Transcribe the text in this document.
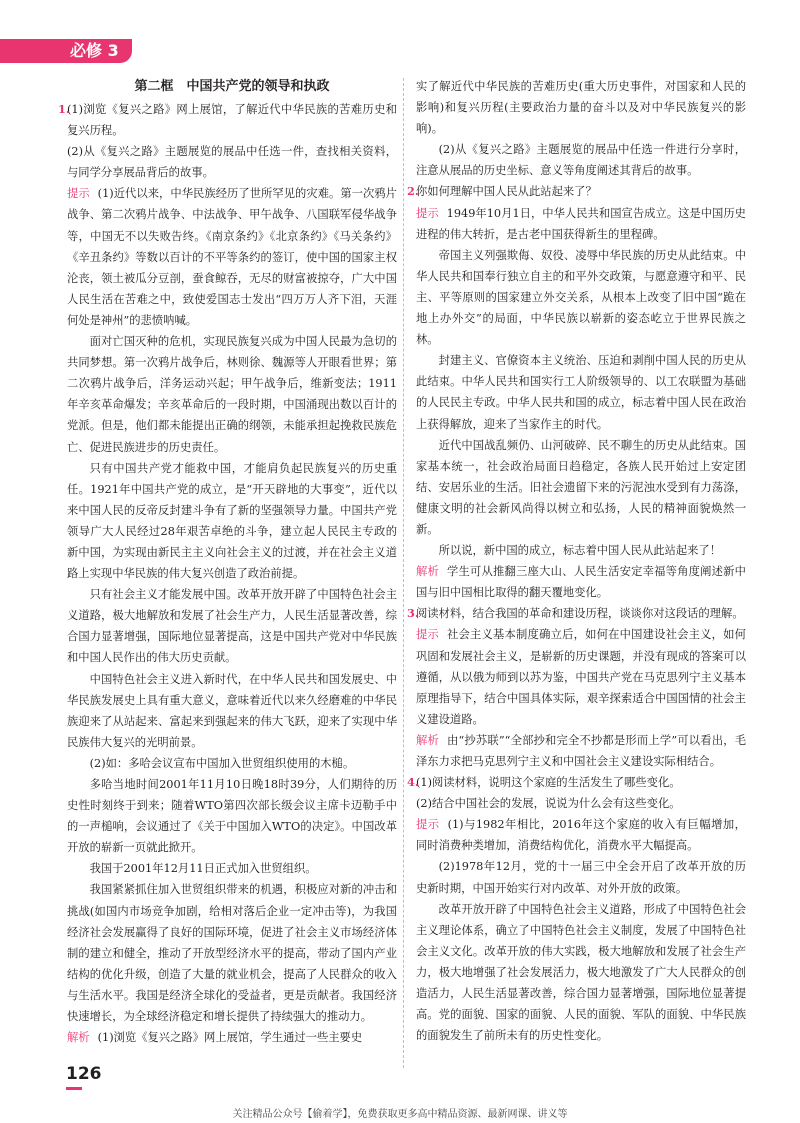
必修 3
第二框　中国共产党的领导和执政
1.

(1)浏览《复兴之路》网上展馆，了解近代中华民族的苦难历史和复兴历程。

(2)从《复兴之路》主题展览的展品中任选一件，查找相关资料，与同学分享展品背后的故事。

提示 (1)近代以来，中华民族经历了世所罕见的灾难。第一次鸦片战争、第二次鸦片战争、中法战争、甲午战争、八国联军侵华战争等，中国无不以失败告终。《南京条约》《北京条约》《马关条约》《辛丑条约》等数以百计的不平等条约的签订，使中国的国家主权沦丧，领土被瓜分豆剖，蚕食鲸吞，无尽的财富被掠夺，广大中国人民生活在苦难之中，致使爱国志士发出“四万万人齐下泪，天涯何处是神州”的悲愤呐喊。

面对亡国灭种的危机，实现民族复兴成为中国人民最为急切的共同梦想。第一次鸦片战争后，林则徐、魏源等人开眼看世界；第二次鸦片战争后，洋务运动兴起；甲午战争后，维新变法；1911年辛亥革命爆发；辛亥革命后的一段时期，中国涌现出数以百计的党派。但是，他们都未能提出正确的纲领，未能承担起挽救民族危亡、促进民族进步的历史责任。

只有中国共产党才能救中国，才能肩负起民族复兴的历史重任。1921年中国共产党的成立，是“开天辟地的大事变”，近代以来中国人民的反帝反封建斗争有了新的坚强领导力量。中国共产党领导广大人民经过28年艰苦卓绝的斗争，建立起人民民主专政的新中国，为实现由新民主主义向社会主义的过渡，并在社会主义道路上实现中华民族的伟大复兴创造了政治前提。

只有社会主义才能发展中国。改革开放开辟了中国特色社会主义道路，极大地解放和发展了社会生产力，人民生活显著改善，综合国力显著增强，国际地位显著提高，这是中国共产党对中华民族和中国人民作出的伟大历史贡献。

中国特色社会主义进入新时代，在中华人民共和国发展史、中华民族发展史上具有重大意义，意味着近代以来久经磨难的中华民族迎来了从站起来、富起来到强起来的伟大飞跃，迎来了实现中华民族伟大复兴的光明前景。

(2)如：多哈会议宣布中国加入世贸组织使用的木槌。

多哈当地时间2001年11月10日晚18时39分，人们期待的历史性时刻终于到来；随着WTO第四次部长级会议主席卡迈勒手中的一声槌响，会议通过了《关于中国加入WTO的决定》。中国改革开放的崭新一页就此掀开。

我国于2001年12月11日正式加入世贸组织。

我国紧紧抓住加入世贸组织带来的机遇，积极应对新的冲击和挑战(如国内市场竞争加剧，给相对落后企业一定冲击等)，为我国经济社会发展赢得了良好的国际环境，促进了社会主义市场经济体制的建立和健全，推动了开放型经济水平的提高，带动了国内产业结构的优化升级，创造了大量的就业机会，提高了人民群众的收入与生活水平。我国是经济全球化的受益者，更是贡献者。我国经济快速增长，为全球经济稳定和增长提供了持续强大的推动力。

解析 (1)浏览《复兴之路》网上展馆，学生通过一些主要史

实了解近代中华民族的苦难历史(重大历史事件，对国家和人民的影响)和复兴历程(主要政治力量的奋斗以及对中华民族复兴的影响)。

(2)从《复兴之路》主题展览的展品中任选一件进行分享时，注意从展品的历史坐标、意义等角度阐述其背后的故事。

2.

你如何理解中国人民从此站起来了？

提示 1949年10月1日，中华人民共和国宣告成立。这是中国历史进程的伟大转折，是古老中国获得新生的里程碑。

帝国主义列强欺侮、奴役、凌辱中华民族的历史从此结束。中华人民共和国奉行独立自主的和平外交政策，与愿意遵守和平、民主、平等原则的国家建立外交关系，从根本上改变了旧中国“跪在地上办外交”的局面，中华民族以崭新的姿态屹立于世界民族之林。

封建主义、官僚资本主义统治、压迫和剥削中国人民的历史从此结束。中华人民共和国实行工人阶级领导的、以工农联盟为基础的人民民主专政。中华人民共和国的成立，标志着中国人民在政治上获得解放，迎来了当家作主的时代。

近代中国战乱频仍、山河破碎、民不聊生的历史从此结束。国家基本统一，社会政治局面日趋稳定，各族人民开始过上安定团结、安居乐业的生活。旧社会遗留下来的污泥浊水受到有力荡涤，健康文明的社会新风尚得以树立和弘扬，人民的精神面貌焕然一新。

所以说，新中国的成立，标志着中国人民从此站起来了！

解析 学生可从推翻三座大山、人民生活安定幸福等角度阐述新中国与旧中国相比取得的翻天覆地变化。

3.

阅读材料，结合我国的革命和建设历程，谈谈你对这段话的理解。

提示 社会主义基本制度确立后，如何在中国建设社会主义，如何巩固和发展社会主义，是崭新的历史课题，并没有现成的答案可以遵循，从以俄为师到以苏为鉴，中国共产党在马克思列宁主义基本原理指导下，结合中国具体实际，艰辛探索适合中国国情的社会主义建设道路。

解析 由“抄苏联”“全部抄和完全不抄都是形而上学”可以看出，毛泽东力求把马克思列宁主义和中国社会主义建设实际相结合。

4.

(1)阅读材料，说明这个家庭的生活发生了哪些变化。

(2)结合中国社会的发展，说说为什么会有这些变化。

提示 (1)与1982年相比，2016年这个家庭的收入有巨幅增加，同时消费种类增加，消费结构优化，消费水平大幅提高。

(2)1978年12月，党的十一届三中全会开启了改革开放的历史新时期，中国开始实行对内改革、对外开放的政策。

改革开放开辟了中国特色社会主义道路，形成了中国特色社会主义理论体系，确立了中国特色社会主义制度，发展了中国特色社会主义文化。改革开放的伟大实践，极大地解放和发展了社会生产力，极大地增强了社会发展活力，极大地激发了广大人民群众的创造活力，人民生活显著改善，综合国力显著增强，国际地位显著提高。党的面貌、国家的面貌、人民的面貌、军队的面貌、中华民族的面貌发生了前所未有的历史性变化。

126
关注精品公众号【偷着学】，免费获取更多高中精品资源、最新网课、讲义等
